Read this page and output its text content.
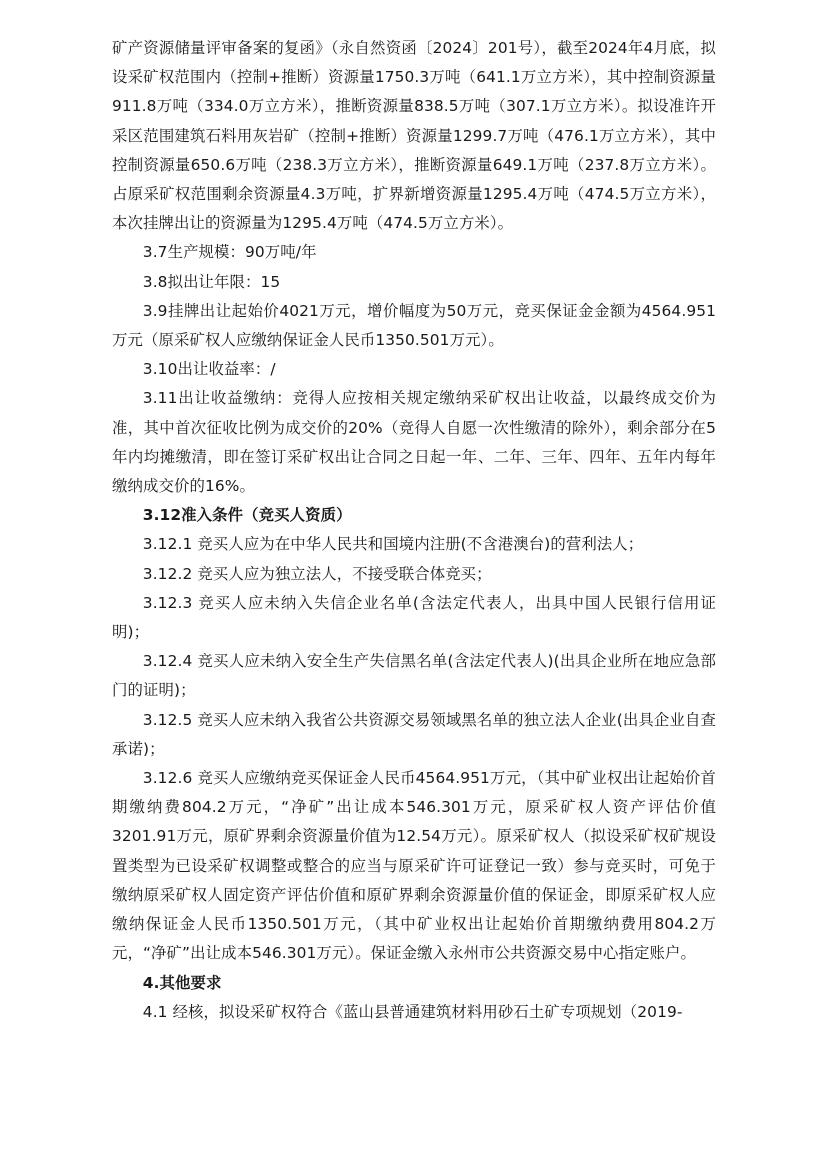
矿产资源储量评审备案的复函》（永自然资函〔2024〕201号），截至2024年4月底，拟设采矿权范围内（控制+推断）资源量1750.3万吨（641.1万立方米），其中控制资源量911.8万吨（334.0万立方米），推断资源量838.5万吨（307.1万立方米）。拟设准许开采区范围建筑石料用灰岩矿（控制+推断）资源量1299.7万吨（476.1万立方米），其中控制资源量650.6万吨（238.3万立方米），推断资源量649.1万吨（237.8万立方米）。占原采矿权范围剩余资源量4.3万吨，扩界新增资源量1295.4万吨（474.5万立方米），本次挂牌出让的资源量为1295.4万吨（474.5万立方米）。

3.7生产规模：90万吨/年

3.8拟出让年限：15

3.9挂牌出让起始价4021万元，增价幅度为50万元，竞买保证金金额为4564.951万元（原采矿权人应缴纳保证金人民币1350.501万元）。

3.10出让收益率：/

3.11出让收益缴纳：竞得人应按相关规定缴纳采矿权出让收益，以最终成交价为准，其中首次征收比例为成交价的20%（竞得人自愿一次性缴清的除外），剩余部分在5年内均摊缴清，即在签订采矿权出让合同之日起一年、二年、三年、四年、五年内每年缴纳成交价的16%。

3.12准入条件（竞买人资质）

3.12.1 竞买人应为在中华人民共和国境内注册(不含港澳台)的营利法人；

3.12.2 竞买人应为独立法人，不接受联合体竞买；

3.12.3 竞买人应未纳入失信企业名单(含法定代表人，出具中国人民银行信用证明)；

3.12.4 竞买人应未纳入安全生产失信黑名单(含法定代表人)(出具企业所在地应急部门的证明)；

3.12.5 竞买人应未纳入我省公共资源交易领域黑名单的独立法人企业(出具企业自查承诺)；

3.12.6 竞买人应缴纳竞买保证金人民币4564.951万元，（其中矿业权出让起始价首期缴纳费804.2万元，“净矿”出让成本546.301万元，原采矿权人资产评估价值3201.91万元，原矿界剩余资源量价值为12.54万元）。原采矿权人（拟设采矿权矿规设置类型为已设采矿权调整或整合的应当与原采矿许可证登记一致）参与竞买时，可免于缴纳原采矿权人固定资产评估价值和原矿界剩余资源量价值的保证金，即原采矿权人应缴纳保证金人民币1350.501万元，（其中矿业权出让起始价首期缴纳费用804.2万元，“净矿”出让成本546.301万元）。保证金缴入永州市公共资源交易中心指定账户。

4.其他要求

4.1 经核，拟设采矿权符合《蓝山县普通建筑材料用砂石土矿专项规划（2019-
